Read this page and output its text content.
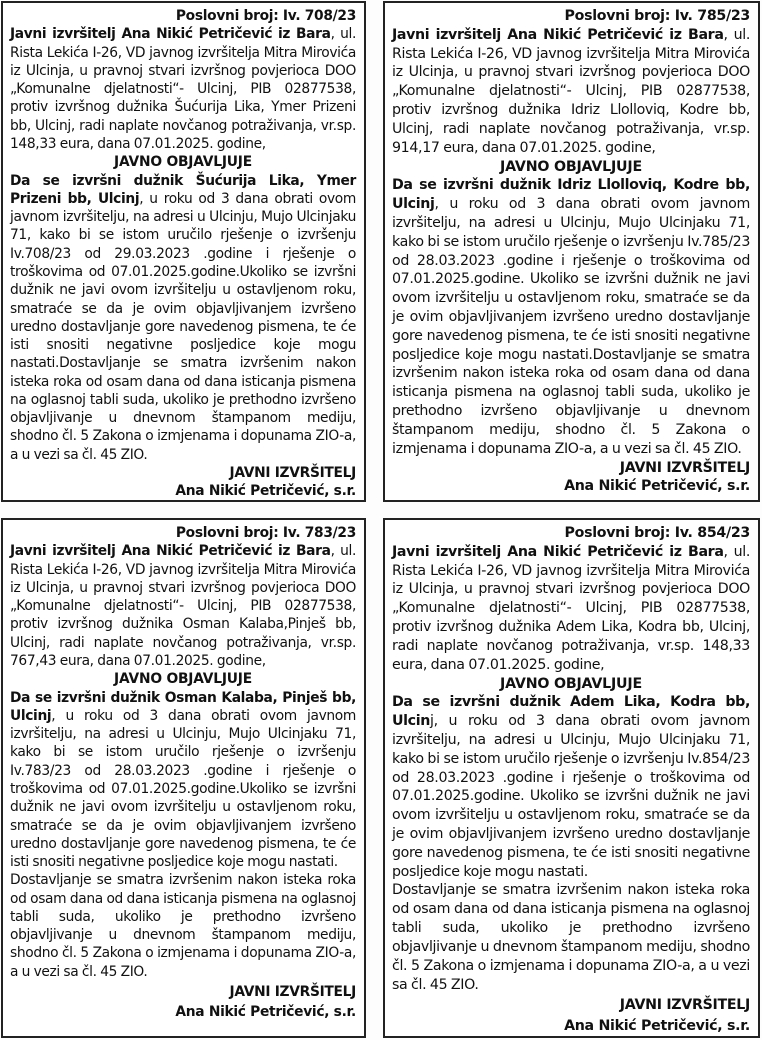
Poslovni broj: Iv. 708/23

Javni izvršitelj Ana Nikić Petričević iz Bara, ul. Rista Lekića I-26, VD javnog izvršitelja Mitra Mirovića iz Ulcinja, u pravnoj stvari izvršnog povjerioca DOO „Komunalne djelatnosti“- Ulcinj, PIB 02877538, protiv izvršnog dužnika Šućurija Lika, Ymer Prizeni bb, Ulcinj, radi naplate novčanog potraživanja, vr.sp. 148,33 eura, dana 07.01.2025. godine,

JAVNO OBJAVLJUJE

Da se izvršni dužnik Šućurija Lika, Ymer Prizeni bb, Ulcinj, u roku od 3 dana obrati ovom javnom izvršitelju, na adresi u Ulcinju, Mujo Ulcinjaku 71, kako bi se istom uručilo rješenje o izvršenju Iv.708/23 od 29.03.2023 .godine i rješenje o troškovima od 07.01.2025.godine.Ukoliko se izvršni dužnik ne javi ovom izvršitelju u ostavljenom roku, smatraće se da je ovim objavljivanjem izvršeno uredno dostavljanje gore navedenog pismena, te će isti snositi negativne posljedice koje mogu nastati.Dostavljanje se smatra izvršenim nakon isteka roka od osam dana od dana isticanja pismena na oglasnoj tabli suda, ukoliko je prethodno izvršeno objavljivanje u dnevnom štampanom mediju, shodno čl. 5 Zakona o izmjenama i dopunama ZIO-a, a u vezi sa čl. 45 ZIO.

JAVNI IZVRŠITELJ
Ana Nikić Petričević, s.r.
Poslovni broj: Iv. 785/23

Javni izvršitelj Ana Nikić Petričević iz Bara, ul. Rista Lekića I-26, VD javnog izvršitelja Mitra Mirovića iz Ulcinja, u pravnoj stvari izvršnog povjerioca DOO „Komunalne djelatnosti“- Ulcinj, PIB 02877538, protiv izvršnog dužnika Idriz Llolloviq, Kodre bb, Ulcinj, radi naplate novčanog potraživanja, vr.sp. 914,17 eura, dana 07.01.2025. godine,

JAVNO OBJAVLJUJE

Da se izvršni dužnik Idriz Llolloviq, Kodre bb, Ulcinj, u roku od 3 dana obrati ovom javnom izvršitelju, na adresi u Ulcinju, Mujo Ulcinjaku 71, kako bi se istom uručilo rješenje o izvršenju Iv.785/23 od 28.03.2023 .godine i rješenje o troškovima od 07.01.2025.godine. Ukoliko se izvršni dužnik ne javi ovom izvršitelju u ostavljenom roku, smatraće se da je ovim objavljivanjem izvršeno uredno dostavljanje gore navedenog pismena, te će isti snositi negativne posljedice koje mogu nastati.Dostavljanje se smatra izvršenim nakon isteka roka od osam dana od dana isticanja pismena na oglasnoj tabli suda, ukoliko je prethodno izvršeno objavljivanje u dnevnom štampanom mediju, shodno čl. 5 Zakona o izmjenama i dopunama ZIO-a, a u vezi sa čl. 45 ZIO.

JAVNI IZVRŠITELJ
Ana Nikić Petričević, s.r.
Poslovni broj: Iv. 783/23

Javni izvršitelj Ana Nikić Petričević iz Bara, ul. Rista Lekića I-26, VD javnog izvršitelja Mitra Mirovića iz Ulcinja, u pravnoj stvari izvršnog povjerioca DOO „Komunalne djelatnosti“- Ulcinj, PIB 02877538, protiv izvršnog dužnika Osman Kalaba,Pinješ bb, Ulcinj, radi naplate novčanog potraživanja, vr.sp. 767,43 eura, dana 07.01.2025. godine,

JAVNO OBJAVLJUJE

Da se izvršni dužnik Osman Kalaba, Pinješ bb, Ulcinj, u roku od 3 dana obrati ovom javnom izvršitelju, na adresi u Ulcinju, Mujo Ulcinjaku 71, kako bi se istom uručilo rješenje o izvršenju Iv.783/23 od 28.03.2023 .godine i rješenje o troškovima od 07.01.2025.godine.Ukoliko se izvršni dužnik ne javi ovom izvršitelju u ostavljenom roku, smatraće se da je ovim objavljivanjem izvršeno uredno dostavljanje gore navedenog pismena, te će isti snositi negativne posljedice koje mogu nastati.

Dostavljanje se smatra izvršenim nakon isteka roka od osam dana od dana isticanja pismena na oglasnoj tabli suda, ukoliko je prethodno izvršeno objavljivanje u dnevnom štampanom mediju, shodno čl. 5 Zakona o izmjenama i dopunama ZIO-a, a u vezi sa čl. 45 ZIO.

JAVNI IZVRŠITELJ
Ana Nikić Petričević, s.r.
Poslovni broj: Iv. 854/23

Javni izvršitelj Ana Nikić Petričević iz Bara, ul. Rista Lekića I-26, VD javnog izvršitelja Mitra Mirovića iz Ulcinja, u pravnoj stvari izvršnog povjerioca DOO „Komunalne djelatnosti“- Ulcinj, PIB 02877538, protiv izvršnog dužnika Adem Lika, Kodra bb, Ulcinj, radi naplate novčanog potraživanja, vr.sp. 148,33 eura, dana 07.01.2025. godine,

JAVNO OBJAVLJUJE

Da se izvršni dužnik Adem Lika, Kodra bb, Ulcinj, u roku od 3 dana obrati ovom javnom izvršitelju, na adresi u Ulcinju, Mujo Ulcinjaku 71, kako bi se istom uručilo rješenje o izvršenju Iv.854/23 od 28.03.2023 .godine i rješenje o troškovima od 07.01.2025.godine. Ukoliko se izvršni dužnik ne javi ovom izvršitelju u ostavljenom roku, smatraće se da je ovim objavljivanjem izvršeno uredno dostavljanje gore navedenog pismena, te će isti snositi negativne posljedice koje mogu nastati.

Dostavljanje se smatra izvršenim nakon isteka roka od osam dana od dana isticanja pismena na oglasnoj tabli suda, ukoliko je prethodno izvršeno objavljivanje u dnevnom štampanom mediju, shodno čl. 5 Zakona o izmjenama i dopunama ZIO-a, a u vezi sa čl. 45 ZIO.

JAVNI IZVRŠITELJ
Ana Nikić Petričević, s.r.
